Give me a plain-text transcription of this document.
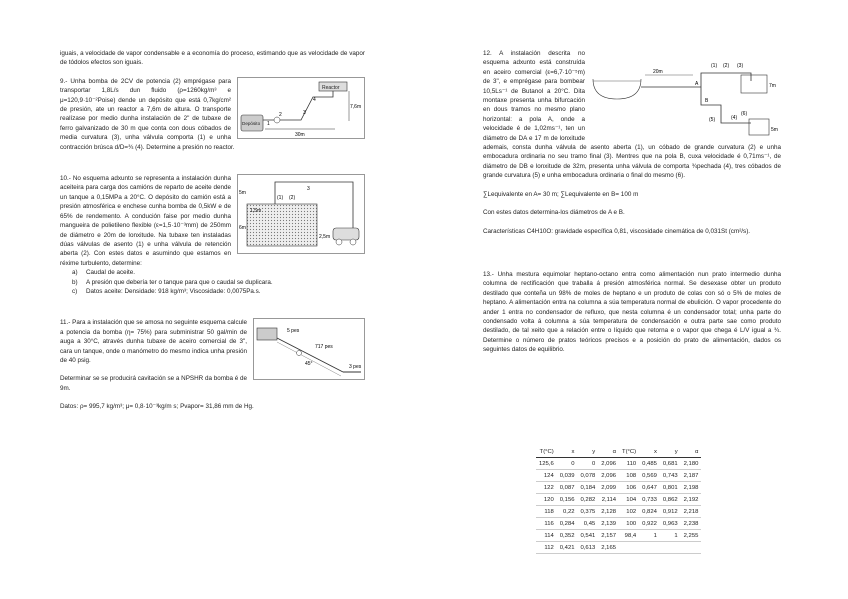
iguais, a velocidade de vapor condensable e a economía do proceso, estimando que as velocidade de vapor de tódolos efectos son iguais.

Reactor
Depósito
7,6m
30m
2
1
4
3

9.- Unha bomba de 2CV de potencia (2) emprégase para transportar 1,8L/s dun fluido (ρ=1260kg/m³ e μ=120,9·10⁻²Poise) dende un depósito que está 0,7kg/cm² de presión, ate un reactor a 7,6m de altura. O transporte realízase por medio dunha instalación de 2" de tubaxe de ferro galvanizado de 30 m que conta con dous cóbados de media curvatura (3), unha válvula comporta (1) e unha contracción brúsca d/D=¾ (4). Determine a presión no reactor.

3
(1) (2)
5m
1,5m
6m
2,5m

10.- No esquema adxunto se representa a instalación dunha aceiteira para carga dos camións de reparto de aceite dende un tanque a 0,15MPa a 20°C. O depósito do camión está a presión atmosférica e enchese cunha bomba de 0,5kW e de 65% de rendemento. A condución faise por medio dunha mangueira de polietileno flexible (ε=1,5·10⁻³mm) de 250mm de diámetro e 20m de lonxitude. Na tubaxe ten instaladas dúas válvulas de asento (1) e unha válvula de retención aberta (2). Con estes datos e asumindo que estamos en réxime turbulento, determine:

a) Caudal de aceite.
b) A presión que debería ter o tanque para que o caudal se duplicara.
c) Datos aceite: Densidade: 918 kg/m³; Viscosidade: 0,0075Pa.s.
5 pes
717 pes
45°	3 pes

11.- Para a instalación que se amosa no seguinte esquema calcule a potencia da bomba (η= 75%) para subministrar 50 gal/min de auga a 30°C, através dunha tubaxe de aceiro comercial de 3", cara un tanque, onde o manómetro do mesmo indica unha presión de 40 psig.

Determinar se se producirá cavitación se a NPSHR da bomba é de 9m.

Datos: ρ= 995,7 kg/m³; μ= 0,8·10⁻³kg/m s; Pvapor= 31,86 mm de Hg.

20m
A
(1) (2) (3)
7m
B
(5)	(4)
(6)
5m

12. A instalación descrita no esquema adxunto está construída en aceiro comercial (ε=6,7·10⁻⁵m) de 3", e emprégase para bombear 10,5Ls⁻¹ de Butanol a 20°C. Dita montaxe presenta unha bifurcación en dous tramos no mesmo plano horizontal: a pola A, onde a velocidade é de 1,02ms⁻¹, ten un diámetro de DA e 17 m de lonxitude ademais, consta dunha válvula de asento aberta (1), un cóbado de grande curvatura (2) e unha embocadura ordinaria no seu tramo final (3). Mentres que na pola B, cuxa velocidade é 0,71ms⁻¹, de diámetro de DB e lonxitude de 32m, presenta unha válvula de comporta ¾pechada (4), tres cóbados de grande curvatura (5) e unha embocadura ordinaria o final do mesmo (6).

∑Lequivalente en A= 30 m; ∑Lequivalente en B= 100 m

Con estes datos determina-los diámetros de A e B.

Características C4H10O: gravidade específica 0,81, viscosidade cinemática de 0,031St (cm²/s).

13.- Unha mestura equimolar heptano-octano entra como alimentación nun prato intermedio dunha columna de rectificación que traballa á presión atmosférica normal. Se desexase obter un produto destilado que conteña un 98% de moles de heptano e un produto de colas con só o 5% de moles de heptano. A alimentación entra na columna a súa temperatura normal de ebulición. O vapor procedente do ander 1 entra no condensador de refluxo, que nesta columna é un condensador total; unha parte do condensado volta á columna a súa temperatura de condensación e outra parte sae como produto destilado, de tal xeito que a relación entre o líquido que retorna e o vapor que chega é L/V igual a ¾. Determine o número de pratos teóricos precisos e a posición do prato de alimentación, dados os seguintes datos de equilibrio.

T(°C)	x	y	α	T(°C)	x	y	α
125,6	0	0	2,096	110	0,485	0,681	2,180
124	0,039	0,078	2,096	108	0,569	0,743	2,187
122	0,087	0,184	2,099	106	0,647	0,801	2,198
120	0,156	0,282	2,114	104	0,733	0,862	2,192
118	0,22	0,375	2,128	102	0,824	0,912	2,218
116	0,284	0,45	2,139	100	0,922	0,963	2,238
114	0,352	0,541	2,157	98,4	1	1	2,255
112	0,421	0,613	2,165				
